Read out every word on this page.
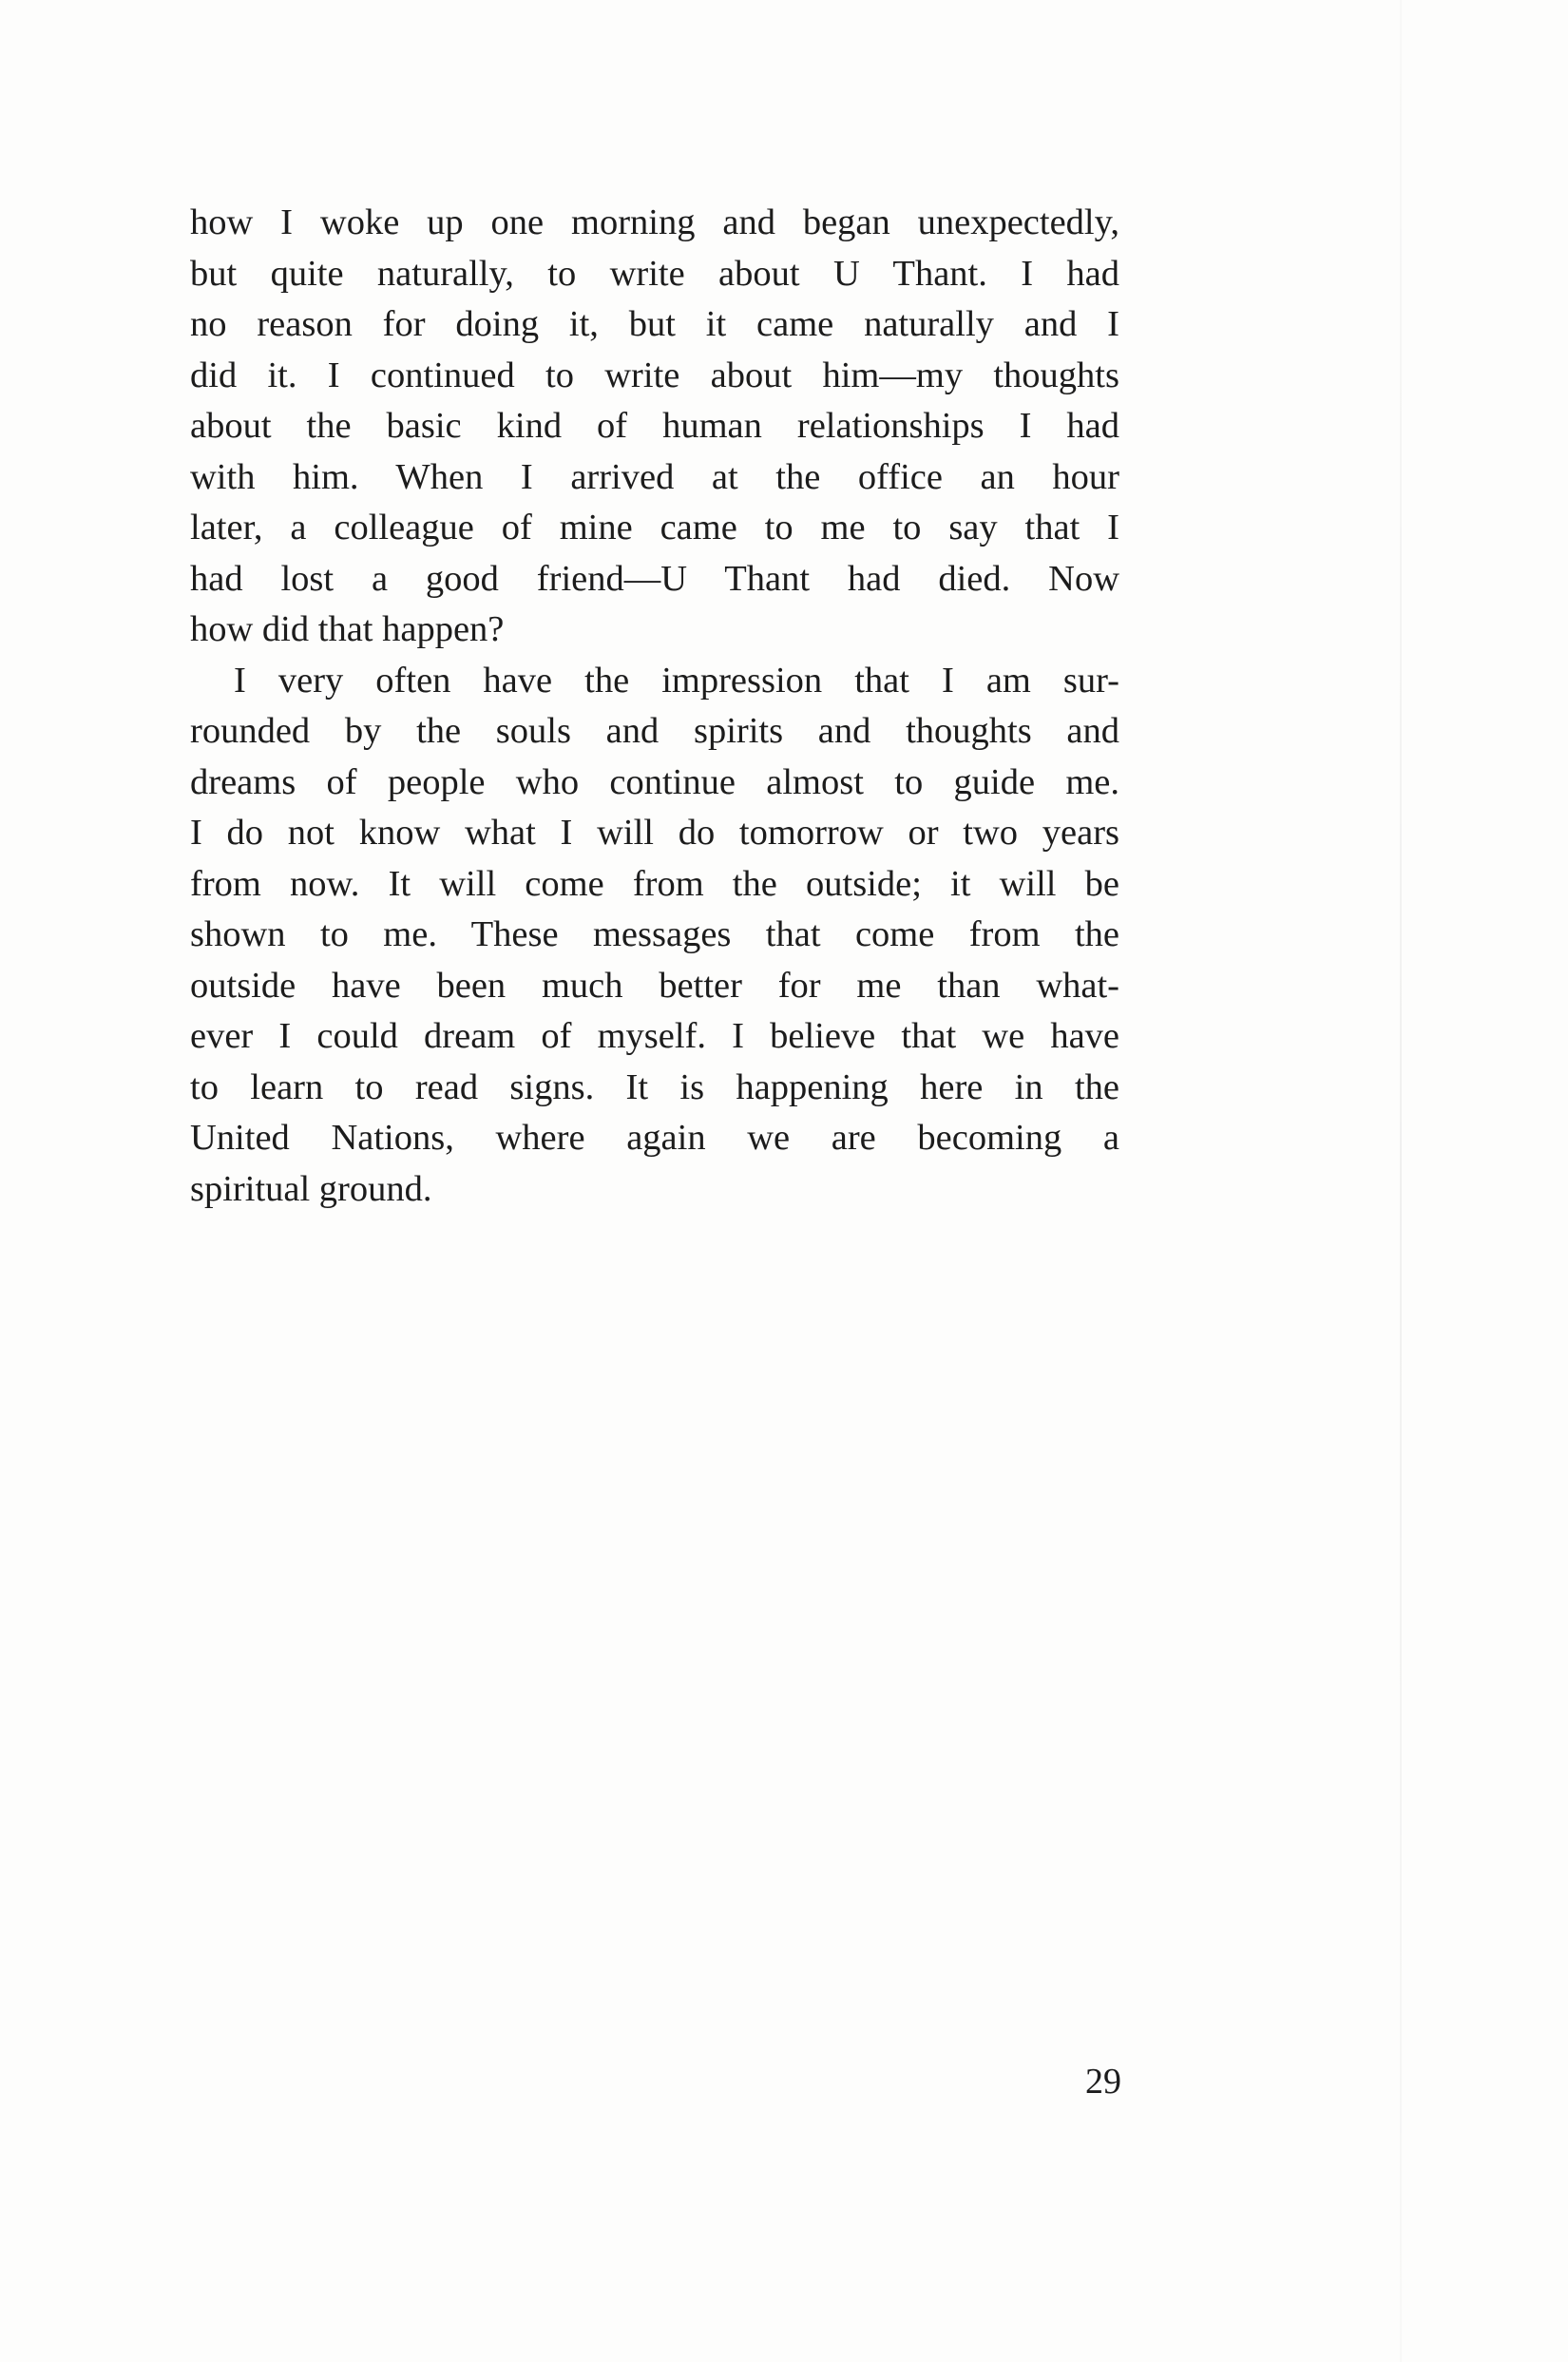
how I woke up one morning and began unexpectedly,
but quite naturally, to write about U Thant. I had
no reason for doing it, but it came naturally and I
did it. I continued to write about him—my thoughts
about the basic kind of human relationships I had
with him. When I arrived at the office an hour
later, a colleague of mine came to me to say that I
had lost a good friend—U Thant had died. Now
how did that happen?

I very often have the impression that I am sur-
rounded by the souls and spirits and thoughts and
dreams of people who continue almost to guide me.
I do not know what I will do tomorrow or two years
from now. It will come from the outside; it will be
shown to me. These messages that come from the
outside have been much better for me than what-
ever I could dream of myself. I believe that we have
to learn to read signs. It is happening here in the
United Nations, where again we are becoming a
spiritual ground.

29
